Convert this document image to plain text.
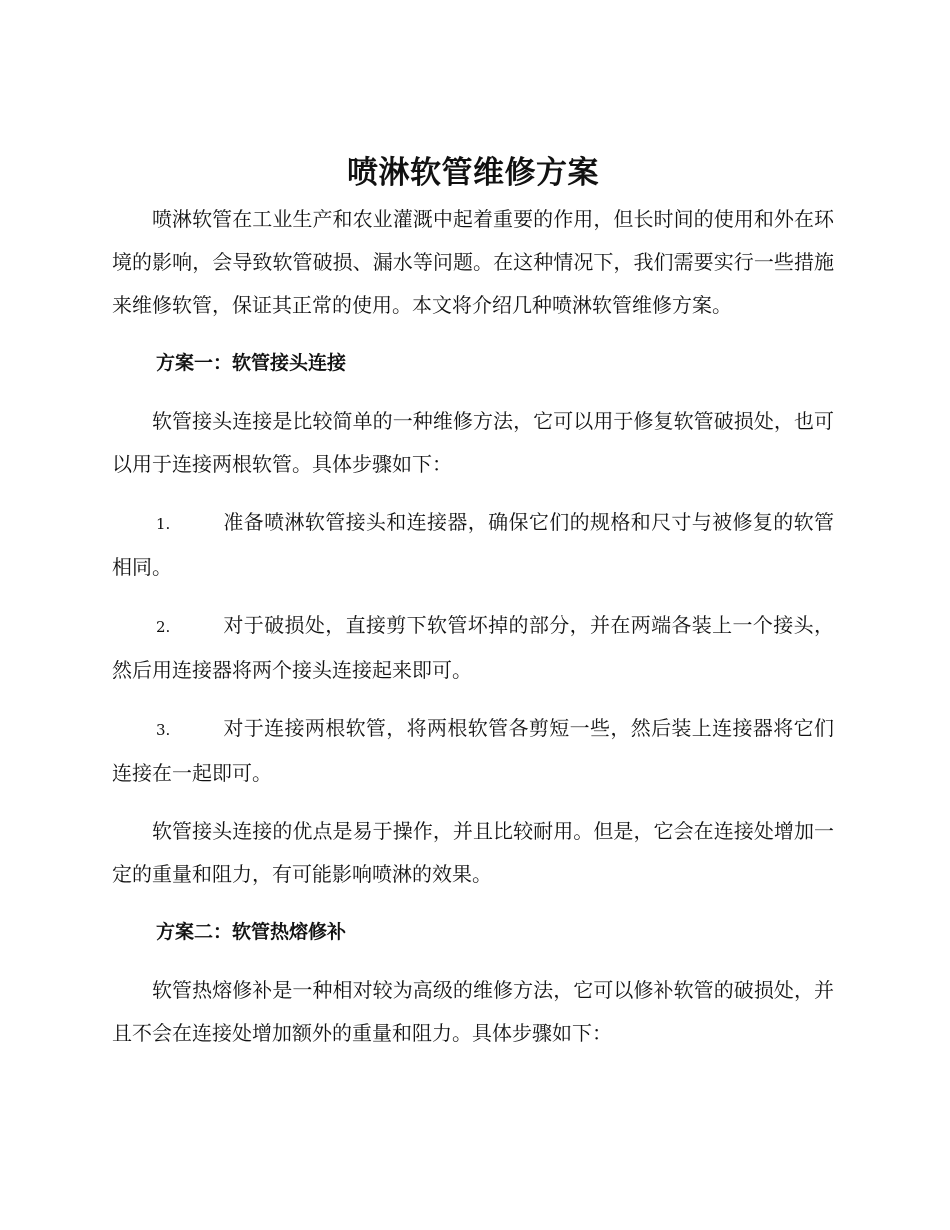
喷淋软管维修方案

喷淋软管在工业生产和农业灌溉中起着重要的作用，但长时间的使用和外在环境的影响，会导致软管破损、漏水等问题。在这种情况下，我们需要实行一些措施来维修软管，保证其正常的使用。本文将介绍几种喷淋软管维修方案。

方案一：软管接头连接

软管接头连接是比较简单的一种维修方法，它可以用于修复软管破损处，也可以用于连接两根软管。具体步骤如下：

1.	准备喷淋软管接头和连接器，确保它们的规格和尺寸与被修复的软管相同。

2.	对于破损处，直接剪下软管坏掉的部分，并在两端各装上一个接头，然后用连接器将两个接头连接起来即可。

3.	对于连接两根软管，将两根软管各剪短一些，然后装上连接器将它们连接在一起即可。

软管接头连接的优点是易于操作，并且比较耐用。但是，它会在连接处增加一定的重量和阻力，有可能影响喷淋的效果。

方案二：软管热熔修补

软管热熔修补是一种相对较为高级的维修方法，它可以修补软管的破损处，并且不会在连接处增加额外的重量和阻力。具体步骤如下：
